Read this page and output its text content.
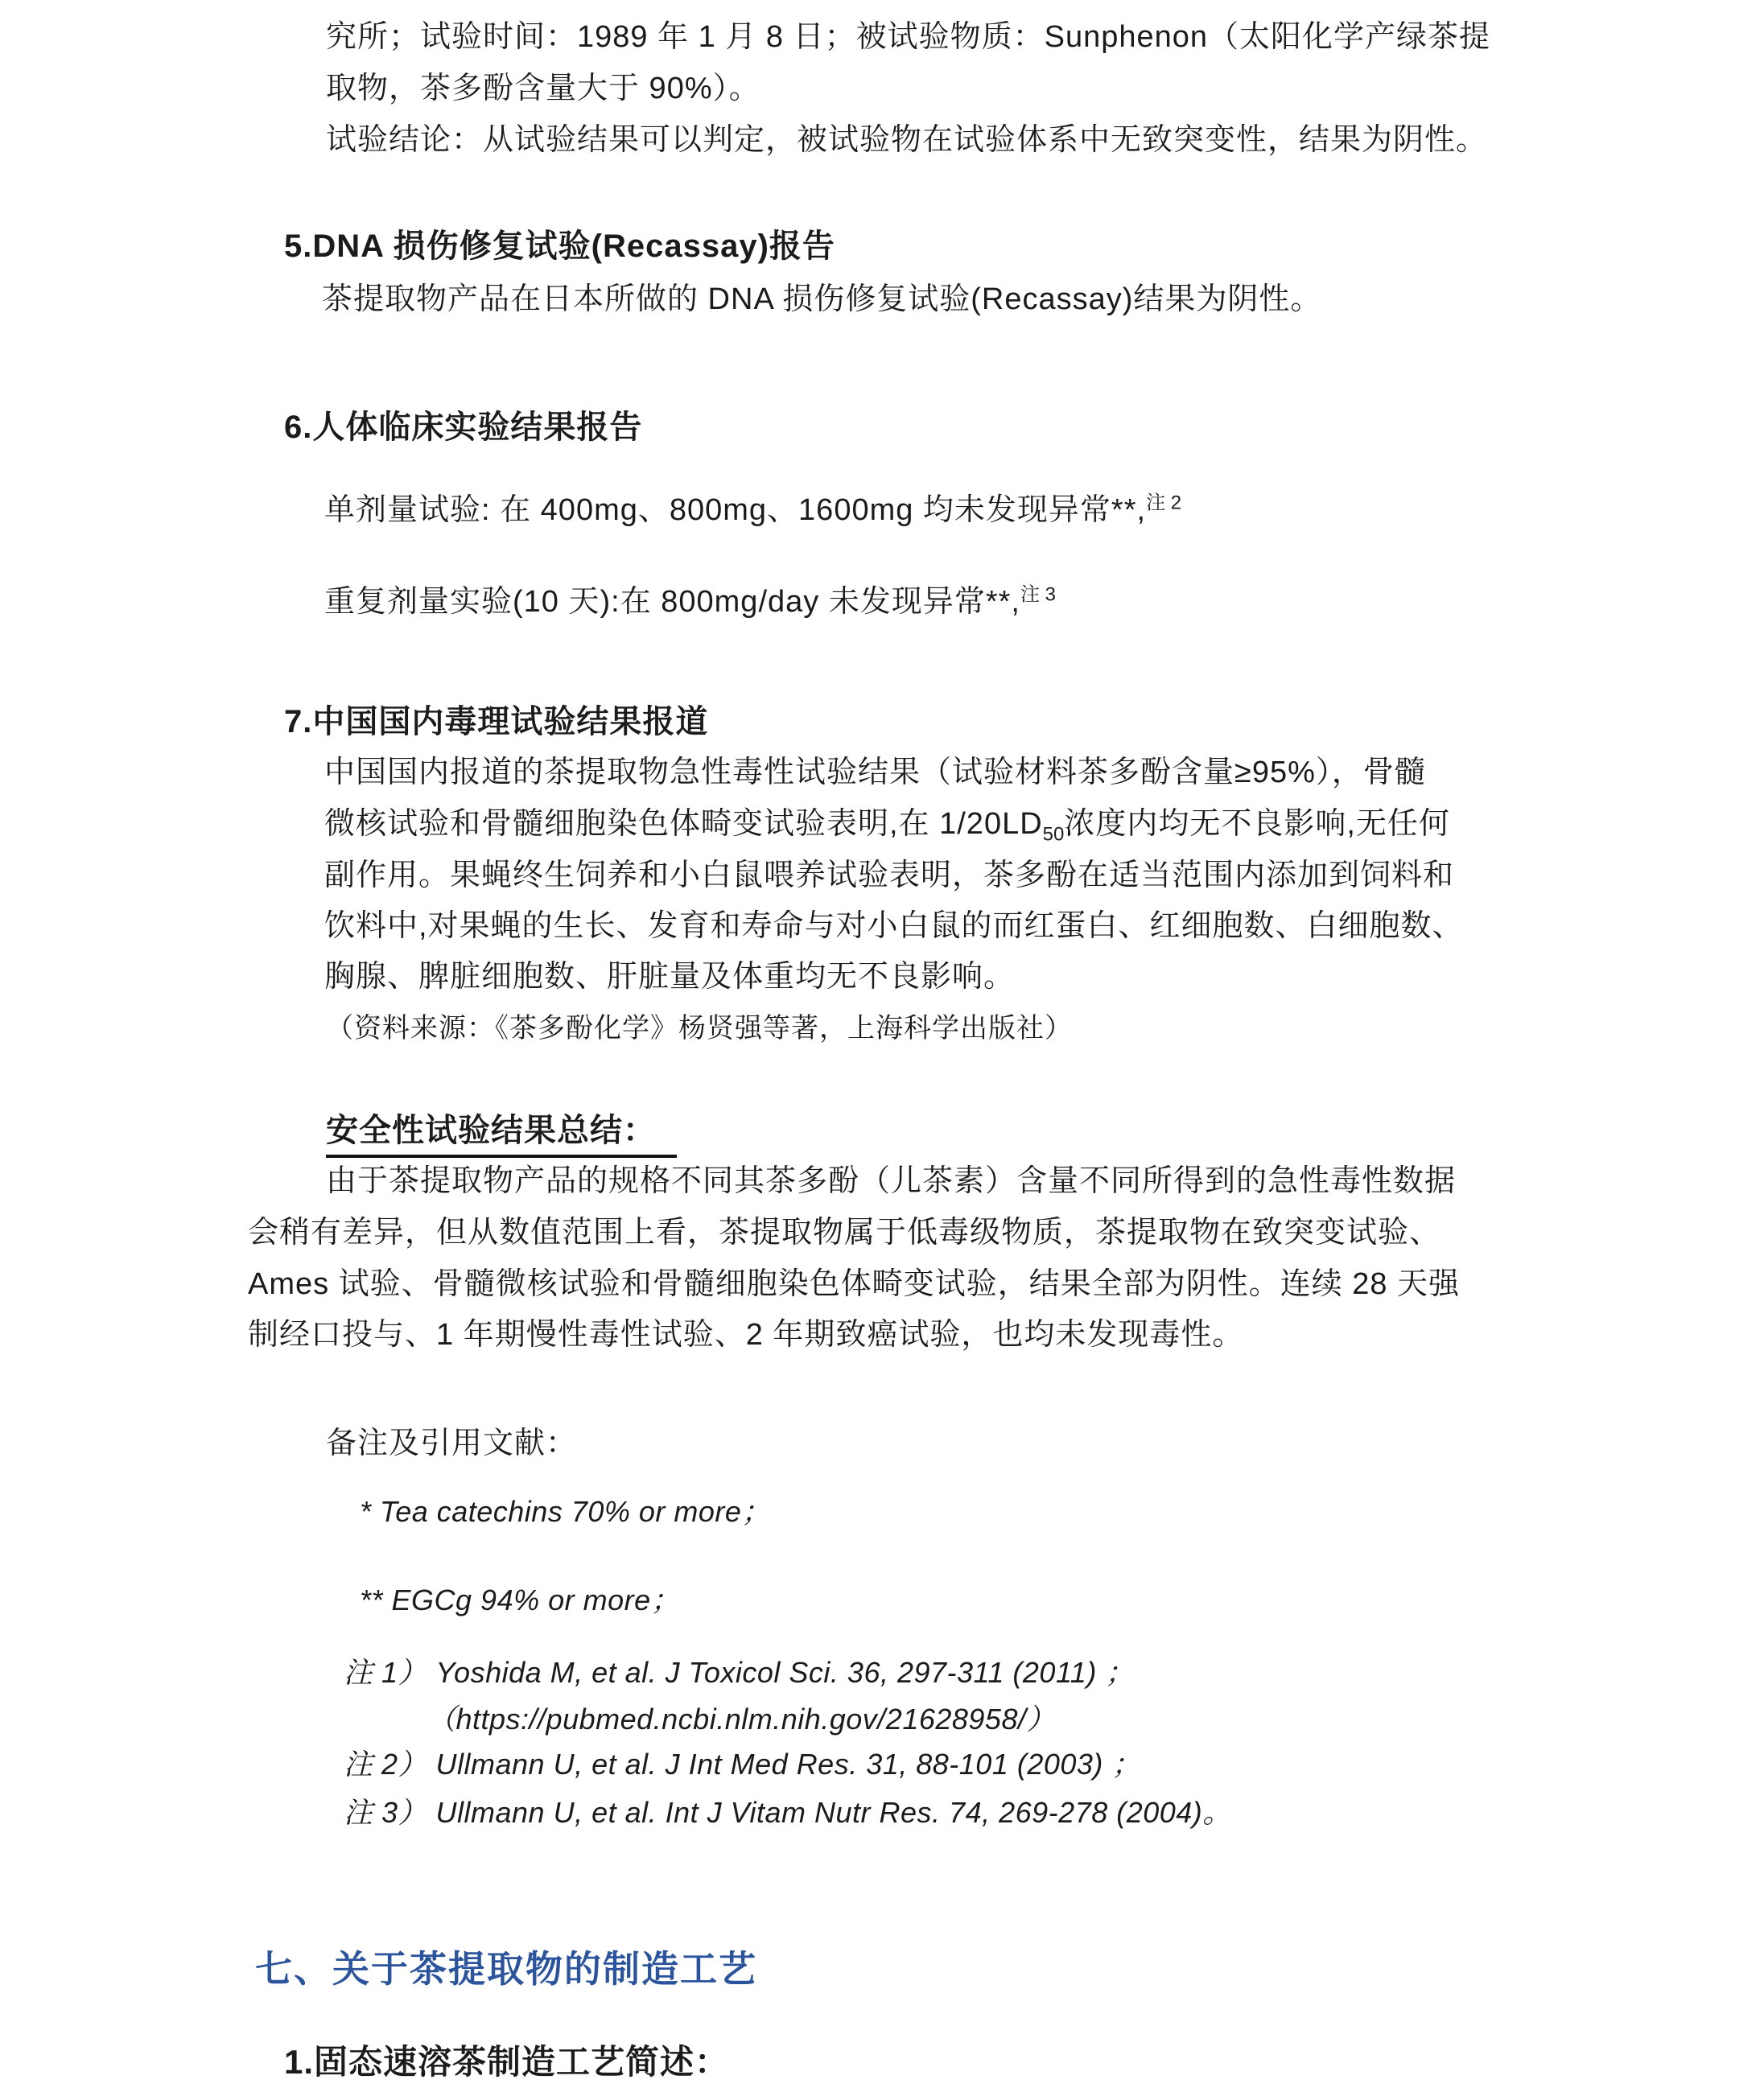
究所；试验时间：1989 年 1 月 8 日；被试验物质：Sunphenon（太阳化学产绿茶提
取物，茶多酚含量大于 90%）。
试验结论：从试验结果可以判定，被试验物在试验体系中无致突变性，结果为阴性。
5.DNA 损伤修复试验(Recassay)报告
茶提取物产品在日本所做的 DNA 损伤修复试验(Recassay)结果为阴性。
6.人体临床实验结果报告
单剂量试验: 在 400mg、800mg、1600mg 均未发现异常**,$^{注 2}$
重复剂量实验(10 天):在 800mg/day 未发现异常**,$^{注 3}$
7.中国国内毒理试验结果报道
中国国内报道的茶提取物急性毒性试验结果（试验材料茶多酚含量≥95%），骨髓
微核试验和骨髓细胞染色体畸变试验表明,在 $1/20LD_{50}$浓度内均无不良影响,无任何
副作用。果蝇终生饲养和小白鼠喂养试验表明，茶多酚在适当范围内添加到饲料和
饮料中,对果蝇的生长、发育和寿命与对小白鼠的而红蛋白、红细胞数、白细胞数、
胸腺、脾脏细胞数、肝脏量及体重均无不良影响。
（资料来源：《茶多酚化学》杨贤强等著，上海科学出版社）
安全性试验结果总结：
由于茶提取物产品的规格不同其茶多酚（儿茶素）含量不同所得到的急性毒性数据
会稍有差异，但从数值范围上看，茶提取物属于低毒级物质，茶提取物在致突变试验、
Ames 试验、骨髓微核试验和骨髓细胞染色体畸变试验，结果全部为阴性。连续 28 天强
制经口投与、1 年期慢性毒性试验、2 年期致癌试验，也均未发现毒性。
备注及引用文献：
* Tea catechins 70% or more；
** EGCg 94% or more；
注 1） Yoshida M, et al. J Toxicol Sci. 36, 297-311 (2011) ；
（https://pubmed.ncbi.nlm.nih.gov/21628958/）
注 2） Ullmann U, et al. J Int Med Res. 31, 88-101 (2003) ；
注 3） Ullmann U, et al. Int J Vitam Nutr Res. 74, 269-278 (2004)。
七、关于茶提取物的制造工艺
1.固态速溶茶制造工艺简述：
